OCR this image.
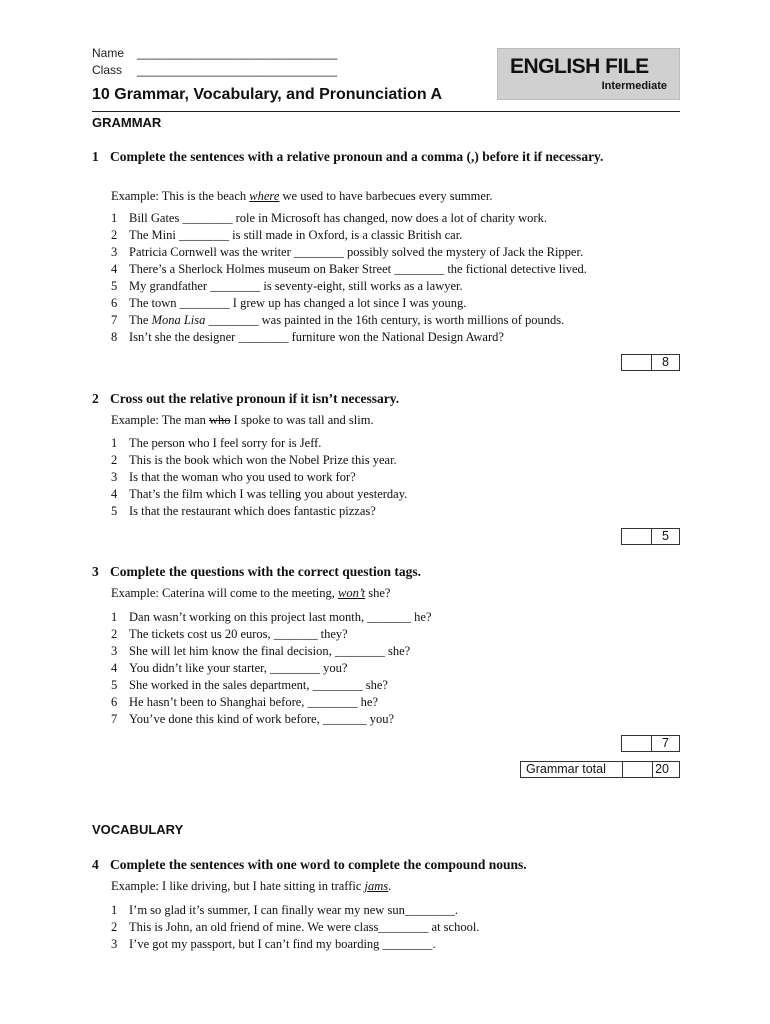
Name ______________________________
Class ______________________________	ENGLISH FILE
Intermediate
10 Grammar, Vocabulary, and Pronunciation A
GRAMMAR
1 Complete the sentences with a relative pronoun and a comma (,) before it if necessary.
Example: This is the beach where we used to have barbecues every summer.
1 Bill Gates ________ role in Microsoft has changed, now does a lot of charity work.
2 The Mini ________ is still made in Oxford, is a classic British car.
3 Patricia Cornwell was the writer ________ possibly solved the mystery of Jack the Ripper.
4 There’s a Sherlock Holmes museum on Baker Street ________ the fictional detective lived.
5 My grandfather ________ is seventy-eight, still works as a lawyer.
6 The town ________ I grew up has changed a lot since I was young.
7 The Mona Lisa ________ was painted in the 16th century, is worth millions of pounds.
8 Isn’t she the designer ________ furniture won the National Design Award?
8
2 Cross out the relative pronoun if it isn’t necessary.
Example: The man who I spoke to was tall and slim.
1 The person who I feel sorry for is Jeff.
2 This is the book which won the Nobel Prize this year.
3 Is that the woman who you used to work for?
4 That’s the film which I was telling you about yesterday.
5 Is that the restaurant which does fantastic pizzas?
5
3 Complete the questions with the correct question tags.
Example: Caterina will come to the meeting, won’t she?
1 Dan wasn’t working on this project last month, _______ he?
2 The tickets cost us 20 euros, _______ they?
3 She will let him know the final decision, ________ she?
4 You didn’t like your starter, ________ you?
5 She worked in the sales department, ________ she?
6 He hasn’t been to Shanghai before, ________ he?
7 You’ve done this kind of work before, _______ you?
7
Grammar total	20
VOCABULARY
4 Complete the sentences with one word to complete the compound nouns.
Example: I like driving, but I hate sitting in traffic jams.
1 I’m so glad it’s summer, I can finally wear my new sun________.
2 This is John, an old friend of mine. We were class________ at school.
3 I’ve got my passport, but I can’t find my boarding ________.
